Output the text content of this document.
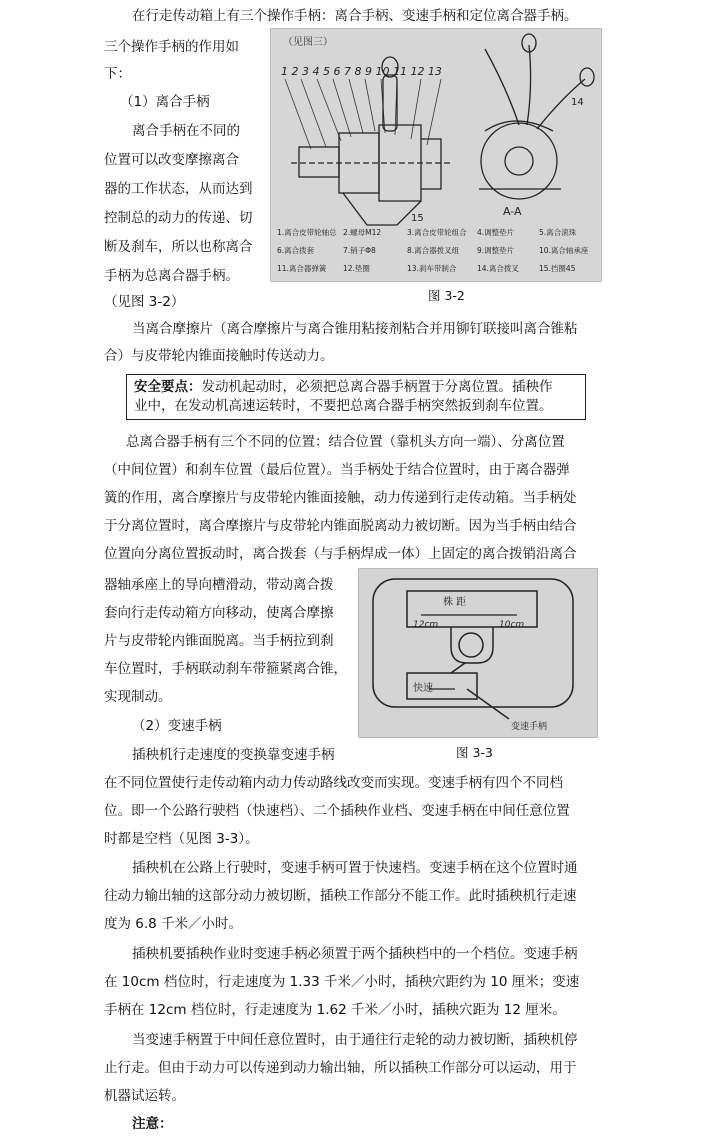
在行走传动箱上有三个操作手柄：离合手柄、变速手柄和定位离合器手柄。
三个操作手柄的作用如
下：
（1）离合手柄
离合手柄在不同的
位置可以改变摩擦离合
器的工作状态，从而达到
控制总的动力的传递、切
断及刹车，所以也称离合
手柄为总离合器手柄。
（见图 3-2）
（见图三）
1 2 3 4 5 6 7 8 9 10 11 12 13
15
A-A
14
1.离合皮带轮轴总 2.螺母M12	3.离合皮带轮组合 4.调整垫片	5.离合滚珠
6.离合拨套	7.销子Φ8	8.离合器拨叉组 9.调整垫片	10.离合轴承座
11.离合器弹簧 12.垫圈	13.刹车带制合	14.离合拨叉	15.挡圈45
图 3-2
当离合摩擦片（离合摩擦片与离合锥用粘接剂粘合并用铆钉联接叫离合锥粘
合）与皮带轮内锥面接触时传送动力。
安全要点：发动机起动时，必须把总离合器手柄置于分离位置。插秧作
业中，在发动机高速运转时，不要把总离合器手柄突然扳到刹车位置。
总离合器手柄有三个不同的位置：结合位置（靠机头方向一端）、分离位置
（中间位置）和刹车位置（最后位置）。当手柄处于结合位置时，由于离合器弹
簧的作用，离合摩擦片与皮带轮内锥面接触，动力传递到行走传动箱。当手柄处
于分离位置时，离合摩擦片与皮带轮内锥面脱离动力被切断。因为当手柄由结合
位置向分离位置扳动时，离合拨套（与手柄焊成一体）上固定的离合拨销沿离合
器轴承座上的导向槽滑动，带动离合拨
套向行走传动箱方向移动，使离合摩擦
片与皮带轮内锥面脱离。当手柄拉到刹
车位置时，手柄联动刹车带箍紧离合锥，
实现制动。
（2）变速手柄
株 距
12cm	10cm
快速
变速手柄
图 3-3
插秧机行走速度的变换靠变速手柄
在不同位置使行走传动箱内动力传动路线改变而实现。变速手柄有四个不同档
位。即一个公路行驶档（快速档）、二个插秧作业档、变速手柄在中间任意位置
时都是空档（见图 3-3）。
插秧机在公路上行驶时，变速手柄可置于快速档。变速手柄在这个位置时通
往动力输出轴的这部分动力被切断，插秧工作部分不能工作。此时插秧机行走速
度为 6.8 千米／小时。
插秧机要插秧作业时变速手柄必须置于两个插秧档中的一个档位。变速手柄
在 10cm 档位时，行走速度为 1.33 千米／小时，插秧穴距约为 10 厘米；变速
手柄在 12cm 档位时，行走速度为 1.62 千米／小时，插秧穴距为 12 厘米。
当变速手柄置于中间任意位置时，由于通往行走轮的动力被切断，插秧机停
止行走。但由于动力可以传递到动力输出轴，所以插秧工作部分可以运动，用于
机器试运转。
注意：
